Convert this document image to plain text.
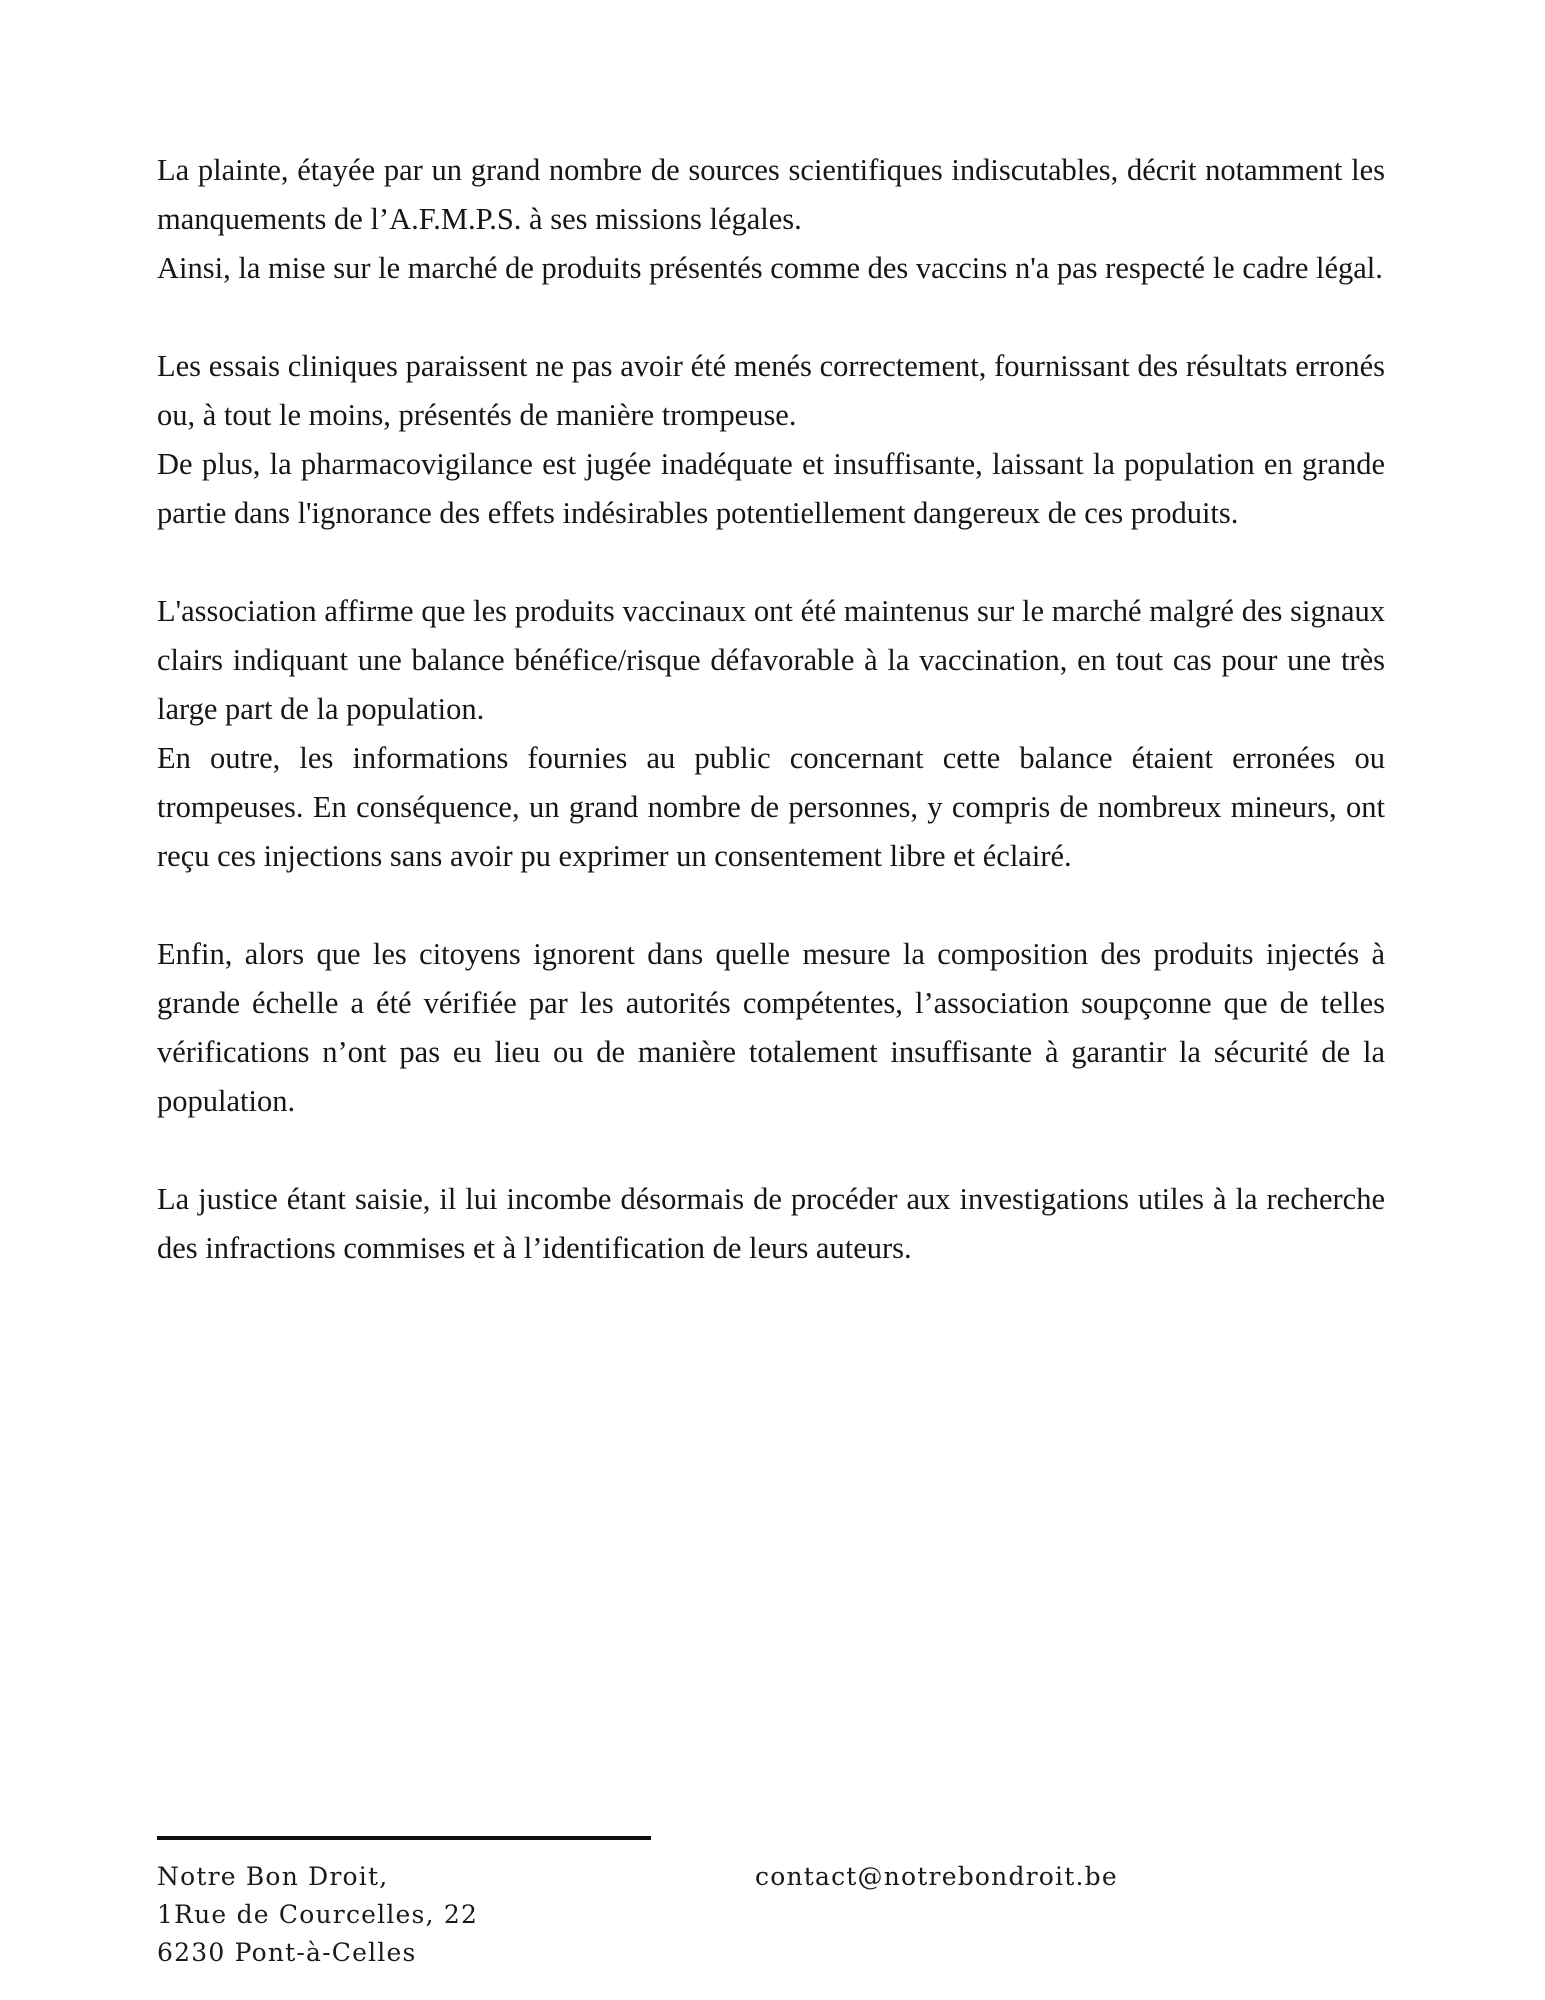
La plainte, étayée par un grand nombre de sources scientifiques indiscutables, décrit notamment les manquements de l’A.F.M.P.S. à ses missions légales.
Ainsi, la mise sur le marché de produits présentés comme des vaccins n'a pas respecté le cadre légal.

Les essais cliniques paraissent ne pas avoir été menés correctement, fournissant des résultats erronés ou, à tout le moins, présentés de manière trompeuse.
De plus, la pharmacovigilance est jugée inadéquate et insuffisante, laissant la population en grande partie dans l'ignorance des effets indésirables potentiellement dangereux de ces produits.

L'association affirme que les produits vaccinaux ont été maintenus sur le marché malgré des signaux clairs indiquant une balance bénéfice/risque défavorable à la vaccination, en tout cas pour une très large part de la population.
En outre, les informations fournies au public concernant cette balance étaient erronées ou trompeuses. En conséquence, un grand nombre de personnes, y compris de nombreux mineurs, ont reçu ces injections sans avoir pu exprimer un consentement libre et éclairé.

Enfin, alors que les citoyens ignorent dans quelle mesure la composition des produits injectés à grande échelle a été vérifiée par les autorités compétentes, l’association soupçonne que de telles vérifications n’ont pas eu lieu ou de manière totalement insuffisante à garantir la sécurité de la population.

La justice étant saisie, il lui incombe désormais de procéder aux investigations utiles à la recherche des infractions commises et à l’identification de leurs auteurs.

Notre Bon Droit,
1Rue de Courcelles, 22
6230 Pont-à-Celles
contact@notrebondroit.be
